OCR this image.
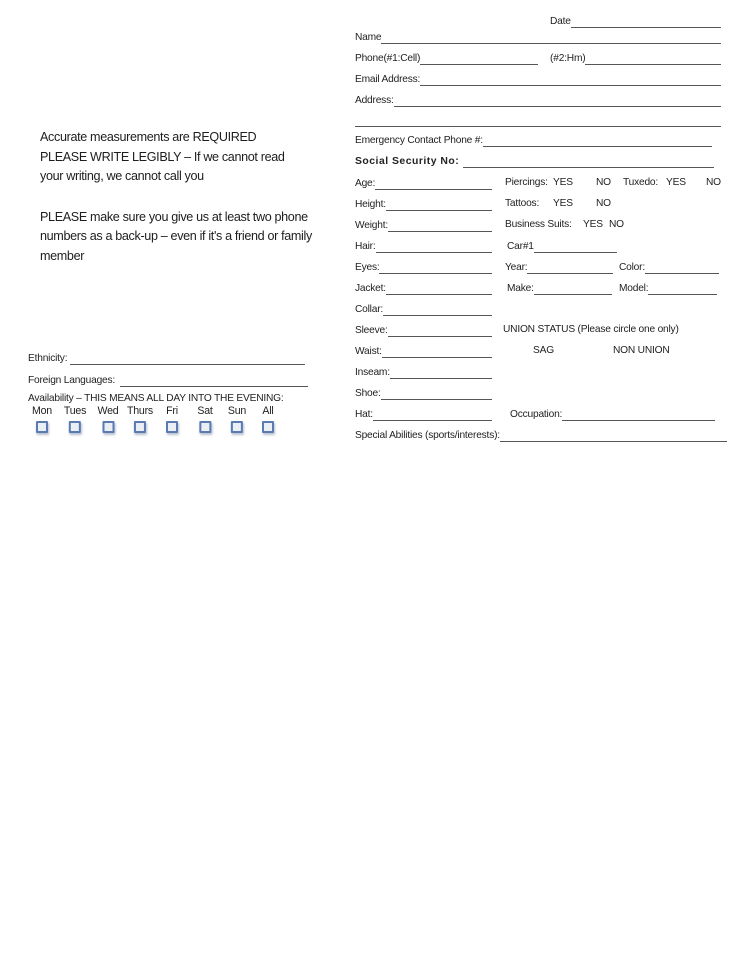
Date
Name
Phone(#1:Cell)	(#2:Hm)
Email Address:
Address:
Emergency Contact Phone #:
Social Security No:
Age:	Piercings: YES NO Tuxedo: YES NO
Height:	Tattoos: YES NO
Weight:	Business Suits: YES NO
Hair:	Car#1
Eyes:	Year:	Color:
Jacket:	Make:	Model:
Collar:
Sleeve:	UNION STATUS (Please circle one only)
Waist:	SAG	NON UNION
Inseam:
Shoe:
Hat:	Occupation:
Special Abilities (sports/interests):
Accurate measurements are REQUIRED
PLEASE WRITE LEGIBLY – If we cannot read
your writing, we cannot call you
PLEASE make sure you give us at least two phone
numbers as a back-up – even if it's a friend or family
member
Ethnicity:
Foreign Languages:
Availability – THIS MEANS ALL DAY INTO THE EVENING:
Mon Tues Wed Thurs Fri Sat Sun All
